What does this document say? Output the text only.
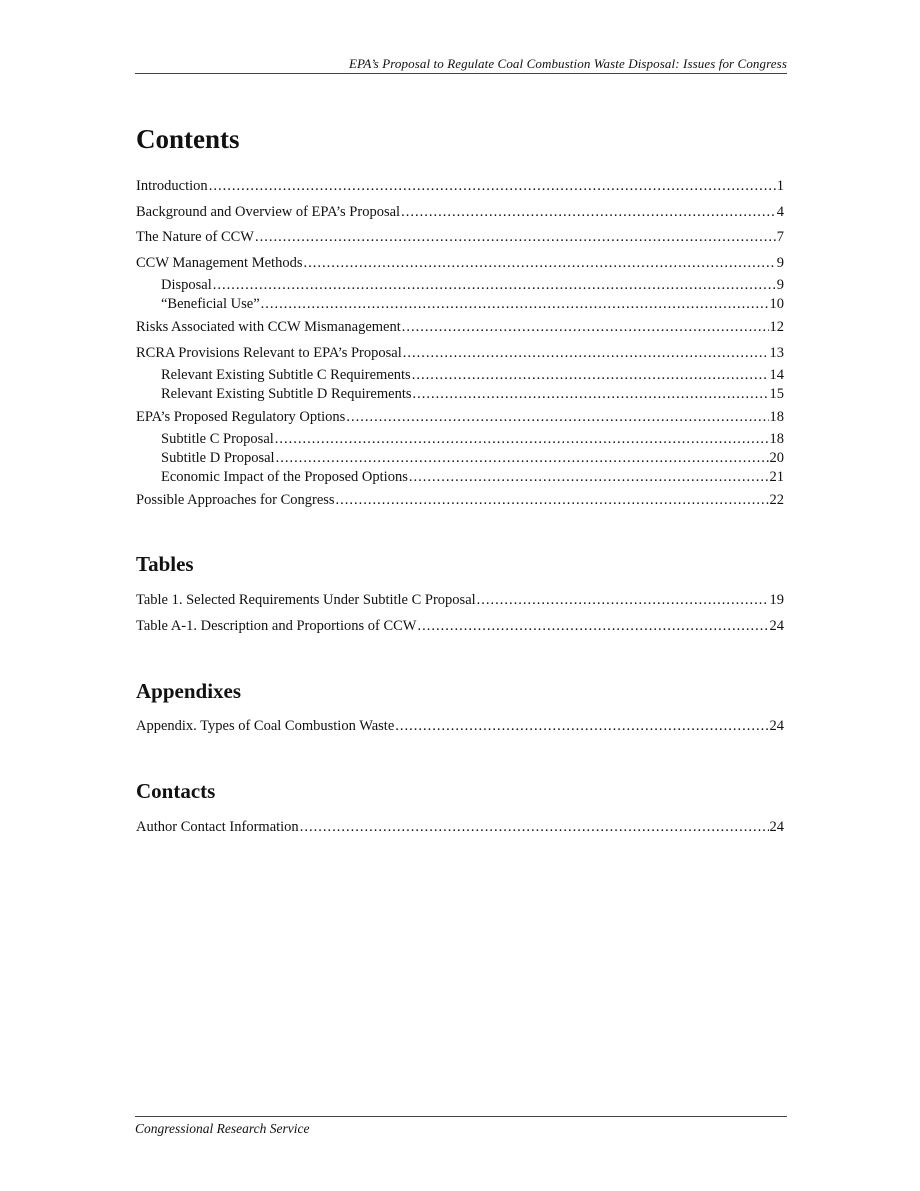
EPA’s Proposal to Regulate Coal Combustion Waste Disposal: Issues for Congress
Contents
Introduction .....	1
Background and Overview of EPA’s Proposal .....	4
The Nature of CCW .....	7
CCW Management Methods .....	9
Disposal .....	9
“Beneficial Use” .....	10
Risks Associated with CCW Mismanagement .....	12
RCRA Provisions Relevant to EPA’s Proposal .....	13
Relevant Existing Subtitle C Requirements .....	14
Relevant Existing Subtitle D Requirements .....	15
EPA’s Proposed Regulatory Options .....	18
Subtitle C Proposal .....	18
Subtitle D Proposal .....	20
Economic Impact of the Proposed Options .....	21
Possible Approaches for Congress .....	22
Tables
Table 1. Selected Requirements Under Subtitle C Proposal .....	19
Table A-1. Description and Proportions of CCW .....	24
Appendixes
Appendix. Types of Coal Combustion Waste .....	24
Contacts
Author Contact Information .....	24
Congressional Research Service
